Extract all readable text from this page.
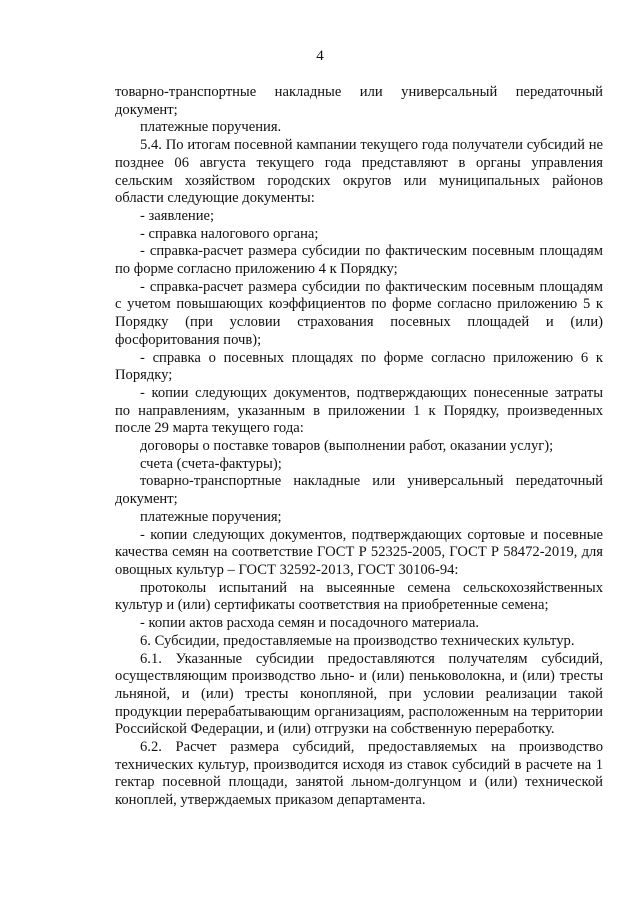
4

товарно-транспортные накладные или универсальный передаточный документ;

платежные поручения.

5.4. По итогам посевной кампании текущего года получатели субсидий не позднее 06 августа текущего года представляют в органы управления сельским хозяйством городских округов или муниципальных районов области следующие документы:

- заявление;

- справка налогового органа;

- справка-расчет размера субсидии по фактическим посевным площадям по форме согласно приложению 4 к Порядку;

- справка-расчет размера субсидии по фактическим посевным площадям с учетом повышающих коэффициентов по форме согласно приложению 5 к Порядку (при условии страхования посевных площадей и (или) фосфоритования почв);

- справка о посевных площадях по форме согласно приложению 6 к Порядку;

- копии следующих документов, подтверждающих понесенные затраты по направлениям, указанным в приложении 1 к Порядку, произведенных после 29 марта текущего года:

договоры о поставке товаров (выполнении работ, оказании услуг);

счета (счета-фактуры);

товарно-транспортные накладные или универсальный передаточный документ;

платежные поручения;

- копии следующих документов, подтверждающих сортовые и посевные качества семян на соответствие ГОСТ Р 52325-2005, ГОСТ Р 58472-2019, для овощных культур – ГОСТ 32592-2013, ГОСТ 30106-94:

протоколы испытаний на высеянные семена сельскохозяйственных культур и (или) сертификаты соответствия на приобретенные семена;

- копии актов расхода семян и посадочного материала.

6. Субсидии, предоставляемые на производство технических культур.

6.1. Указанные субсидии предоставляются получателям субсидий, осуществляющим производство льно- и (или) пеньковолокна, и (или) тресты льняной, и (или) тресты конопляной, при условии реализации такой продукции перерабатывающим организациям, расположенным на территории Российской Федерации, и (или) отгрузки на собственную переработку.

6.2. Расчет размера субсидий, предоставляемых на производство технических культур, производится исходя из ставок субсидий в расчете на 1 гектар посевной площади, занятой льном-долгунцом и (или) технической коноплей, утверждаемых приказом департамента.
